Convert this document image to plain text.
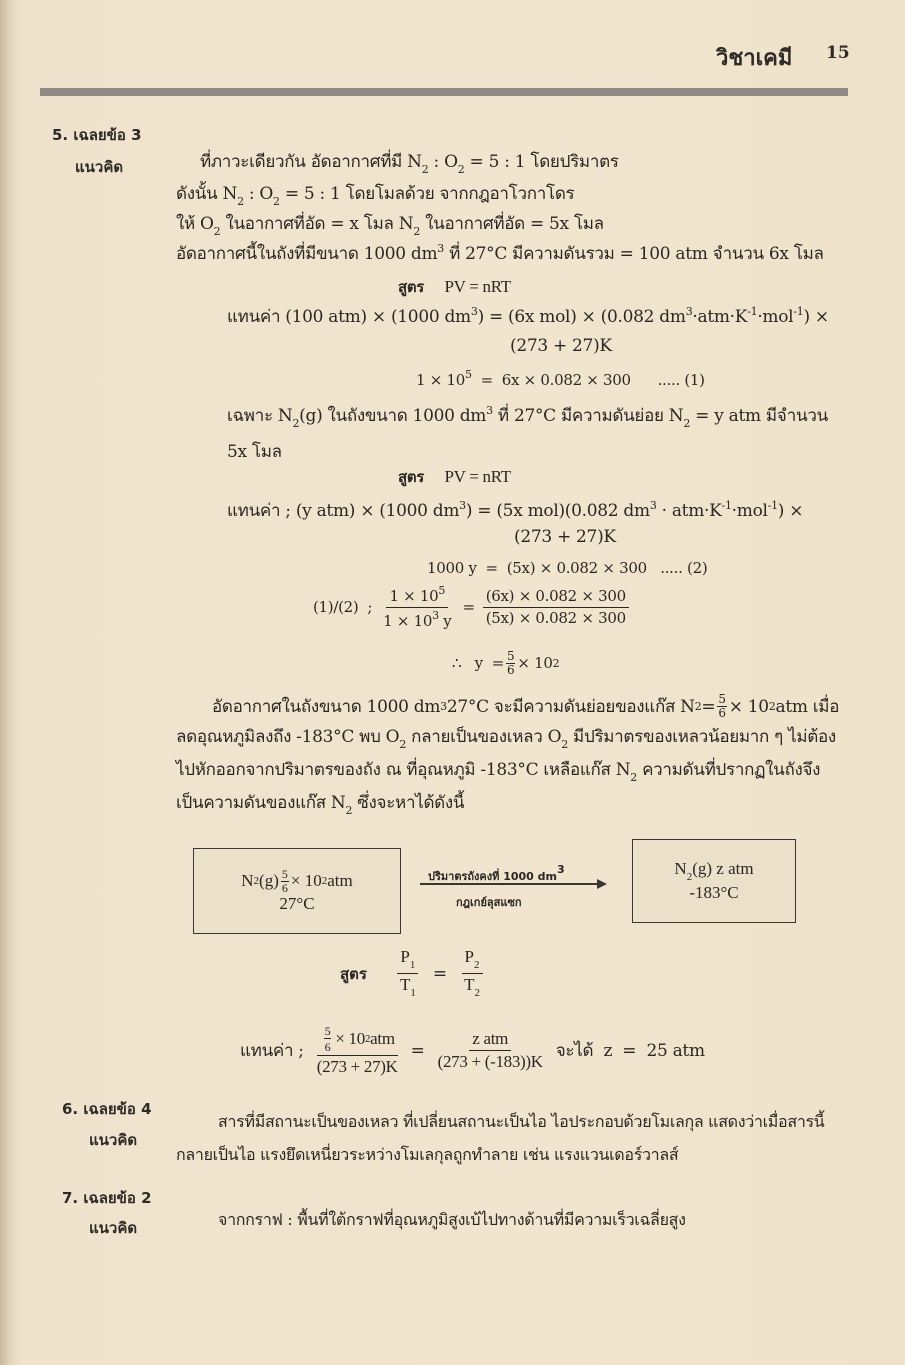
วิชาเคมี 15
5. เฉลยข้อ 3
แนวคิด	ที่ภาวะเดียวกัน อัดอากาศที่มี $N_2$ : $O_2 = 5$ : 1 โดยปริมาตร
ดังนั้น $N_2$ : $O_2 = 5$ : 1 โดยโมลด้วย จากกฎอาโวกาโดร
ให้ $O_2$ ในอากาศที่อัด = x โมล $N_2$ ในอากาศที่อัด = 5x โมล
อัดอากาศนี้ในถังที่มีขนาด 1000 $dm^3$ ที่ 27°C มีความดันรวม = 100 atm จำนวน 6x โมล
สูตร PV = nRT
แทนค่า (100 atm) × (1000 $dm^3) = (6x$ mol) × (0.082 $dm^3\cdot atm\cdot K^{-1}\cdot mol^{-1}$) ×
(273 + 27)K
$1 \times 10^5 = 6x \times 0.082 \times 300$      ..... (1)
เฉพาะ $N_2(g)$ ในถังขนาด 1000 $dm^3$ ที่ 27°C มีความดันย่อย $N_2 = y$ atm มีจำนวน
5x โมล
สูตร PV = nRT
แทนค่า ; (y atm) × (1000 $dm^3) = (5x$ mol)(0.082 $dm^3 \cdot atm\cdot K^{-1}\cdot mol^{-1}$) ×
(273 + 27)K
1000 y  =  (5x) × 0.082 × 300   ..... (2)
(1)/(2)  ; $\frac{1 \times 10^5}{1 \times 10^3 y} = \frac{(6x) \times 0.082 \times 300}{(5x) \times 0.082 \times 300}$
∴   $y = \frac{5}{6} \times 10$ 2
อัดอากาศในถังขนาด 1000 dm 3 27°C จะมีความดันย่อยของแก๊ส N $2 = \frac{5}{6} \times 10$ 2 atm เมื่อ
ลดอุณหภูมิลงถึง -183°C พบ $O_2$ กลายเป็นของเหลว $O_2$ มีปริมาตรของเหลวน้อยมาก ๆ ไม่ต้อง
ไปหักออกจากปริมาตรของถัง ณ ที่อุณหภูมิ -183°C เหลือแก๊ส $N_2$ ความดันที่ปรากฏในถังจึง
เป็นความดันของแก๊ส $N_2$ ซึ่งจะหาได้ดังนี้
N 2 $(g) \frac{5}{6} \times 10$ 2 atm
27°C
ปริมาตรถังคงที่ 1000 $dm^3$
กฎเกย์ลุสแซก
$N_2(g)$ z atm
-183°C
สูตร $\frac{P_1}{T_1} = \frac{P_2}{T_2}$
แทนค่า ; $\frac{\frac{5}{6} \times 10 2 atm}{(273 + 27)K} = \frac{\text{z atm}}{(273 + (-183))K}$ จะได้  z  =  25 atm
6. เฉลยข้อ 4
แนวคิด
สารที่มีสถานะเป็นของเหลว ที่เปลี่ยนสถานะเป็นไอ ไอประกอบด้วยโมเลกุล แสดงว่าเมื่อสารนี้
กลายเป็นไอ แรงยึดเหนี่ยวระหว่างโมเลกุลถูกทำลาย เช่น แรงแวนเดอร์วาลส์
7. เฉลยข้อ 2
แนวคิด	จากกราฟ : พื้นที่ใต้กราฟที่อุณหภูมิสูงเบ้ไปทางด้านที่มีความเร็วเฉลี่ยสูง
